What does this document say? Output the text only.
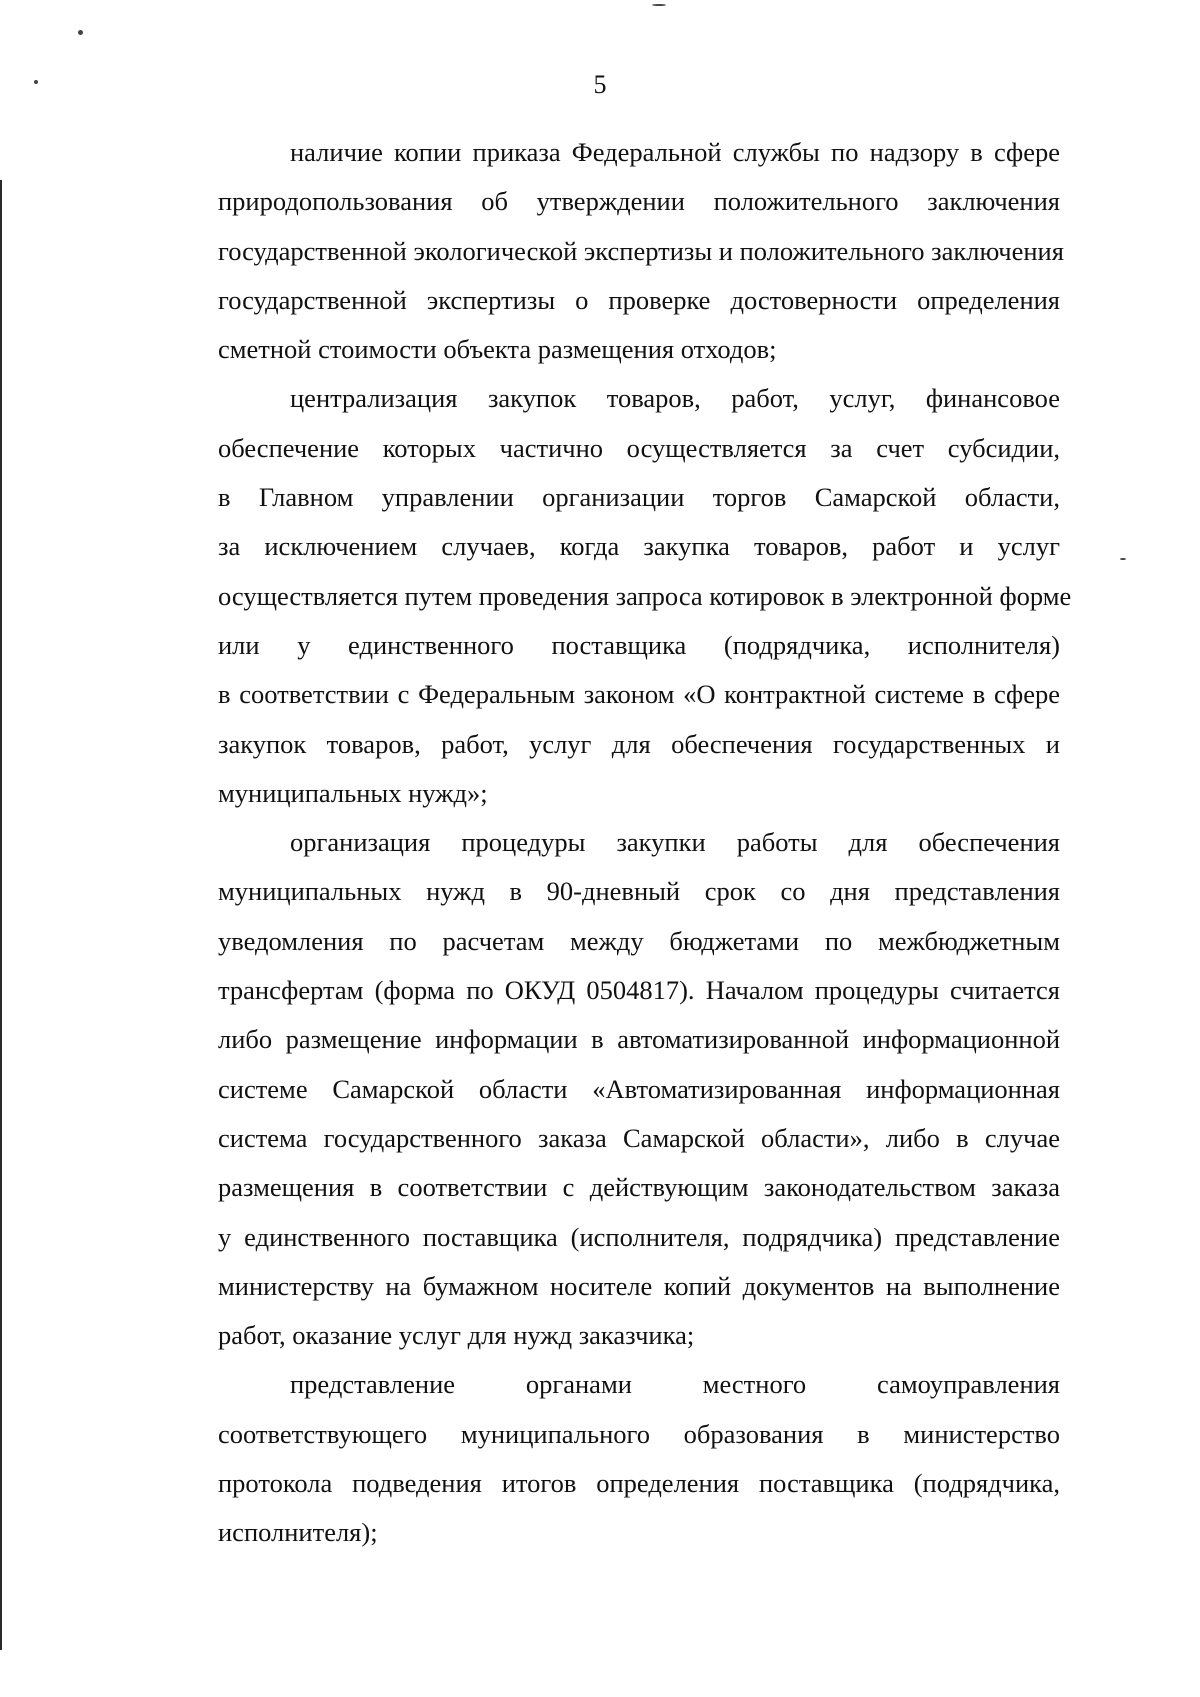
5

наличие копии приказа Федеральной службы по надзору в сфере
природопользования об утверждении положительного заключения
государственной экологической экспертизы и положительного заключения
государственной экспертизы о проверке достоверности определения
сметной стоимости объекта размещения отходов;

централизация закупок товаров, работ, услуг, финансовое
обеспечение которых частично осуществляется за счет субсидии,
в Главном управлении организации торгов Самарской области,
за исключением случаев, когда закупка товаров, работ и услуг
осуществляется путем проведения запроса котировок в электронной форме
или у единственного поставщика (подрядчика, исполнителя)
в соответствии с Федеральным законом «О контрактной системе в сфере
закупок товаров, работ, услуг для обеспечения государственных и
муниципальных нужд»;

организация процедуры закупки работы для обеспечения
муниципальных нужд в 90-дневный срок со дня представления
уведомления по расчетам между бюджетами по межбюджетным
трансфертам (форма по ОКУД 0504817). Началом процедуры считается
либо размещение информации в автоматизированной информационной
системе Самарской области «Автоматизированная информационная
система государственного заказа Самарской области», либо в случае
размещения в соответствии с действующим законодательством заказа
у единственного поставщика (исполнителя, подрядчика) представление
министерству на бумажном носителе копий документов на выполнение
работ, оказание услуг для нужд заказчика;

представление органами местного самоуправления
соответствующего муниципального образования в министерство
протокола подведения итогов определения поставщика (подрядчика,
исполнителя);
